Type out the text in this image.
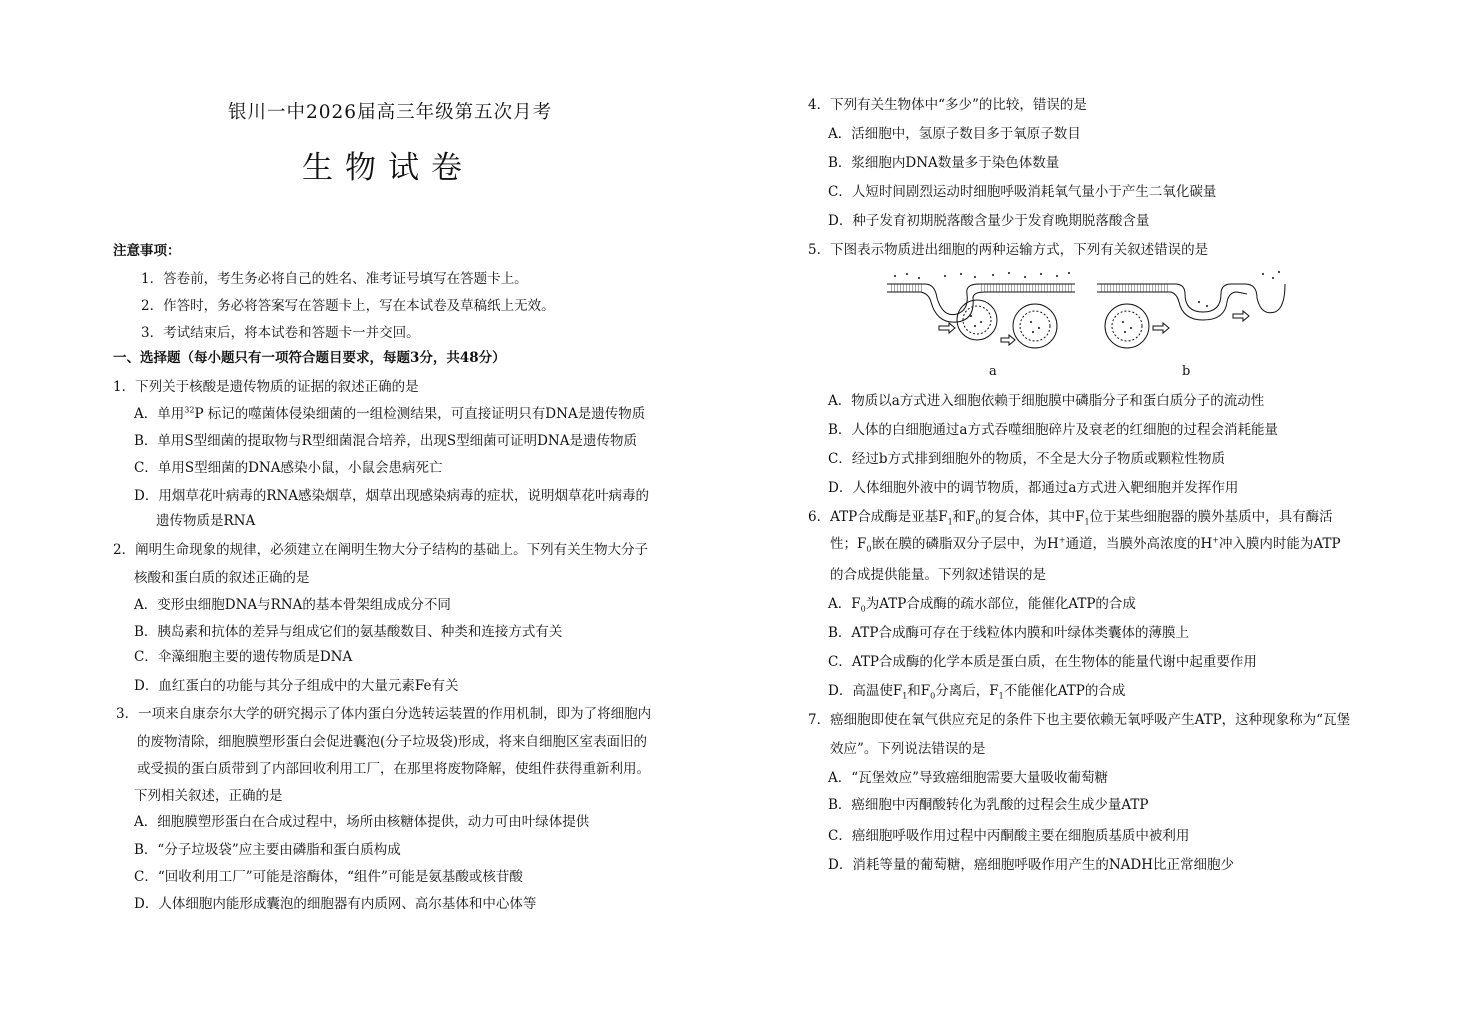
银川一中2026届高三年级第五次月考
生物试卷
注意事项：
1．答卷前，考生务必将自己的姓名、准考证号填写在答题卡上。
2．作答时，务必将答案写在答题卡上，写在本试卷及草稿纸上无效。
3．考试结束后，将本试卷和答题卡一并交回。
一、选择题（每小题只有一项符合题目要求，每题3分，共48分）
1．下列关于核酸是遗传物质的证据的叙述正确的是
A．单用$^{32}$P 标记的噬菌体侵染细菌的一组检测结果，可直接证明只有DNA是遗传物质
B．单用S型细菌的提取物与R型细菌混合培养，出现S型细菌可证明DNA是遗传物质
C．单用S型细菌的DNA感染小鼠，小鼠会患病死亡
D．用烟草花叶病毒的RNA感染烟草，烟草出现感染病毒的症状，说明烟草花叶病毒的
遗传物质是RNA
2．阐明生命现象的规律，必须建立在阐明生物大分子结构的基础上。下列有关生物大分子
核酸和蛋白质的叙述正确的是
A．变形虫细胞DNA与RNA的基本骨架组成成分不同
B．胰岛素和抗体的差异与组成它们的氨基酸数目、种类和连接方式有关
C．伞藻细胞主要的遗传物质是DNA
D．血红蛋白的功能与其分子组成中的大量元素Fe有关
3．一项来自康奈尔大学的研究揭示了体内蛋白分选转运装置的作用机制，即为了将细胞内
的废物清除，细胞膜塑形蛋白会促进囊泡(分子垃圾袋)形成，将来自细胞区室表面旧的
或受损的蛋白质带到了内部回收利用工厂，在那里将废物降解，使组件获得重新利用。
下列相关叙述，正确的是
A．细胞膜塑形蛋白在合成过程中，场所由核糖体提供，动力可由叶绿体提供
B．“分子垃圾袋”应主要由磷脂和蛋白质构成
C．“回收利用工厂”可能是溶酶体，“组件”可能是氨基酸或核苷酸
D．人体细胞内能形成囊泡的细胞器有内质网、高尔基体和中心体等
4．下列有关生物体中“多少”的比较，错误的是
A．活细胞中，氢原子数目多于氧原子数目
B．浆细胞内DNA数量多于染色体数量
C．人短时间剧烈运动时细胞呼吸消耗氧气量小于产生二氧化碳量
D．种子发育初期脱落酸含量少于发育晚期脱落酸含量
5．下图表示物质进出细胞的两种运输方式，下列有关叙述错误的是
a	b
A．物质以a方式进入细胞依赖于细胞膜中磷脂分子和蛋白质分子的流动性
B．人体的白细胞通过a方式吞噬细胞碎片及衰老的红细胞的过程会消耗能量
C．经过b方式排到细胞外的物质，不全是大分子物质或颗粒性物质
D．人体细胞外液中的调节物质，都通过a方式进入靶细胞并发挥作用
6．ATP合成酶是亚基$F_1$和$F_0$的复合体，其中$F_1$位于某些细胞器的膜外基质中，具有酶活
性；$F_0$嵌在膜的磷脂双分子层中，为H+通道，当膜外高浓度的H+冲入膜内时能为ATP
的合成提供能量。下列叙述错误的是
A．$F_0$为ATP合成酶的疏水部位，能催化ATP的合成
B．ATP合成酶可存在于线粒体内膜和叶绿体类囊体的薄膜上
C．ATP合成酶的化学本质是蛋白质，在生物体的能量代谢中起重要作用
D．高温使$F_1$和$F_0$分离后，$F_1$不能催化ATP的合成
7．癌细胞即使在氧气供应充足的条件下也主要依赖无氧呼吸产生ATP，这种现象称为“瓦堡
效应”。下列说法错误的是
A．“瓦堡效应”导致癌细胞需要大量吸收葡萄糖
B．癌细胞中丙酮酸转化为乳酸的过程会生成少量ATP
C．癌细胞呼吸作用过程中丙酮酸主要在细胞质基质中被利用
D．消耗等量的葡萄糖，癌细胞呼吸作用产生的NADH比正常细胞少
